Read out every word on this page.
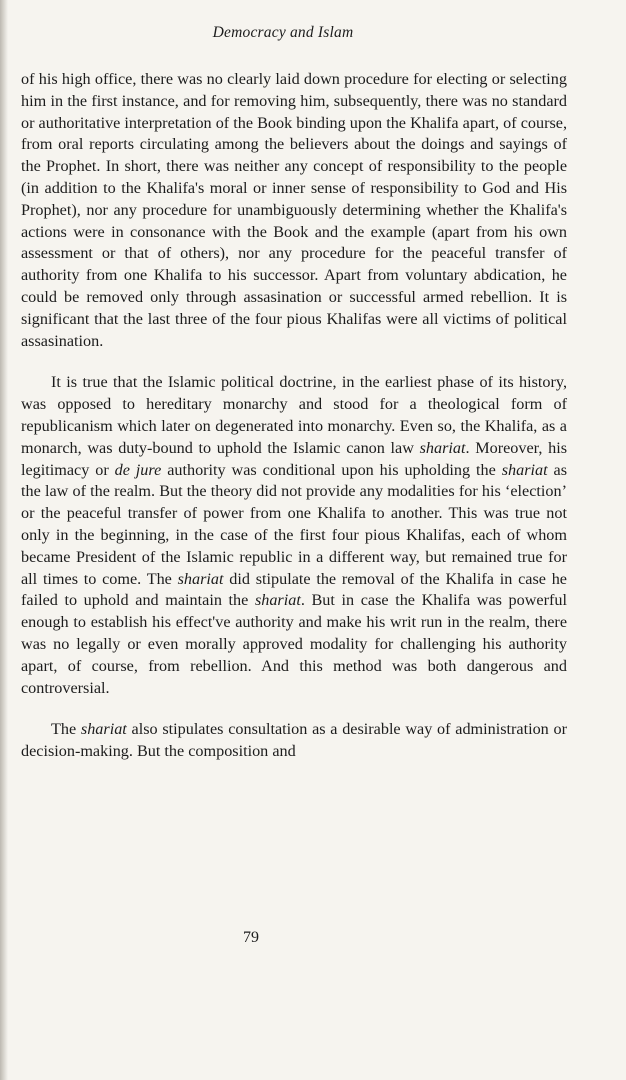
Democracy and Islam

of his high office, there was no clearly laid down procedure for electing or selecting him in the first instance, and for removing him, subsequently, there was no standard or authoritative interpretation of the Book binding upon the Khalifa apart, of course, from oral reports circulating among the believers about the doings and sayings of the Prophet. In short, there was neither any concept of responsibility to the people (in addition to the Khalifa's moral or inner sense of responsibility to God and His Prophet), nor any procedure for unambiguously determining whether the Khalifa's actions were in consonance with the Book and the example (apart from his own assessment or that of others), nor any procedure for the peaceful transfer of authority from one Khalifa to his successor. Apart from voluntary abdication, he could be removed only through assasination or successful armed rebellion. It is significant that the last three of the four pious Khalifas were all victims of political assasination.

It is true that the Islamic political doctrine, in the earliest phase of its history, was opposed to hereditary monarchy and stood for a theological form of republicanism which later on degenerated into monarchy. Even so, the Khalifa, as a monarch, was duty-bound to uphold the Islamic canon law shariat. Moreover, his legitimacy or de jure authority was conditional upon his upholding the shariat as the law of the realm. But the theory did not provide any modalities for his ‘election’ or the peaceful transfer of power from one Khalifa to another. This was true not only in the beginning, in the case of the first four pious Khalifas, each of whom became President of the Islamic republic in a different way, but remained true for all times to come. The shariat did stipulate the removal of the Khalifa in case he failed to uphold and maintain the shariat. But in case the Khalifa was powerful enough to establish his effect've authority and make his writ run in the realm, there was no legally or even morally approved modality for challenging his authority apart, of course, from rebellion. And this method was both dangerous and controversial.

The shariat also stipulates consultation as a desirable way of administration or decision-making. But the composition and

79
